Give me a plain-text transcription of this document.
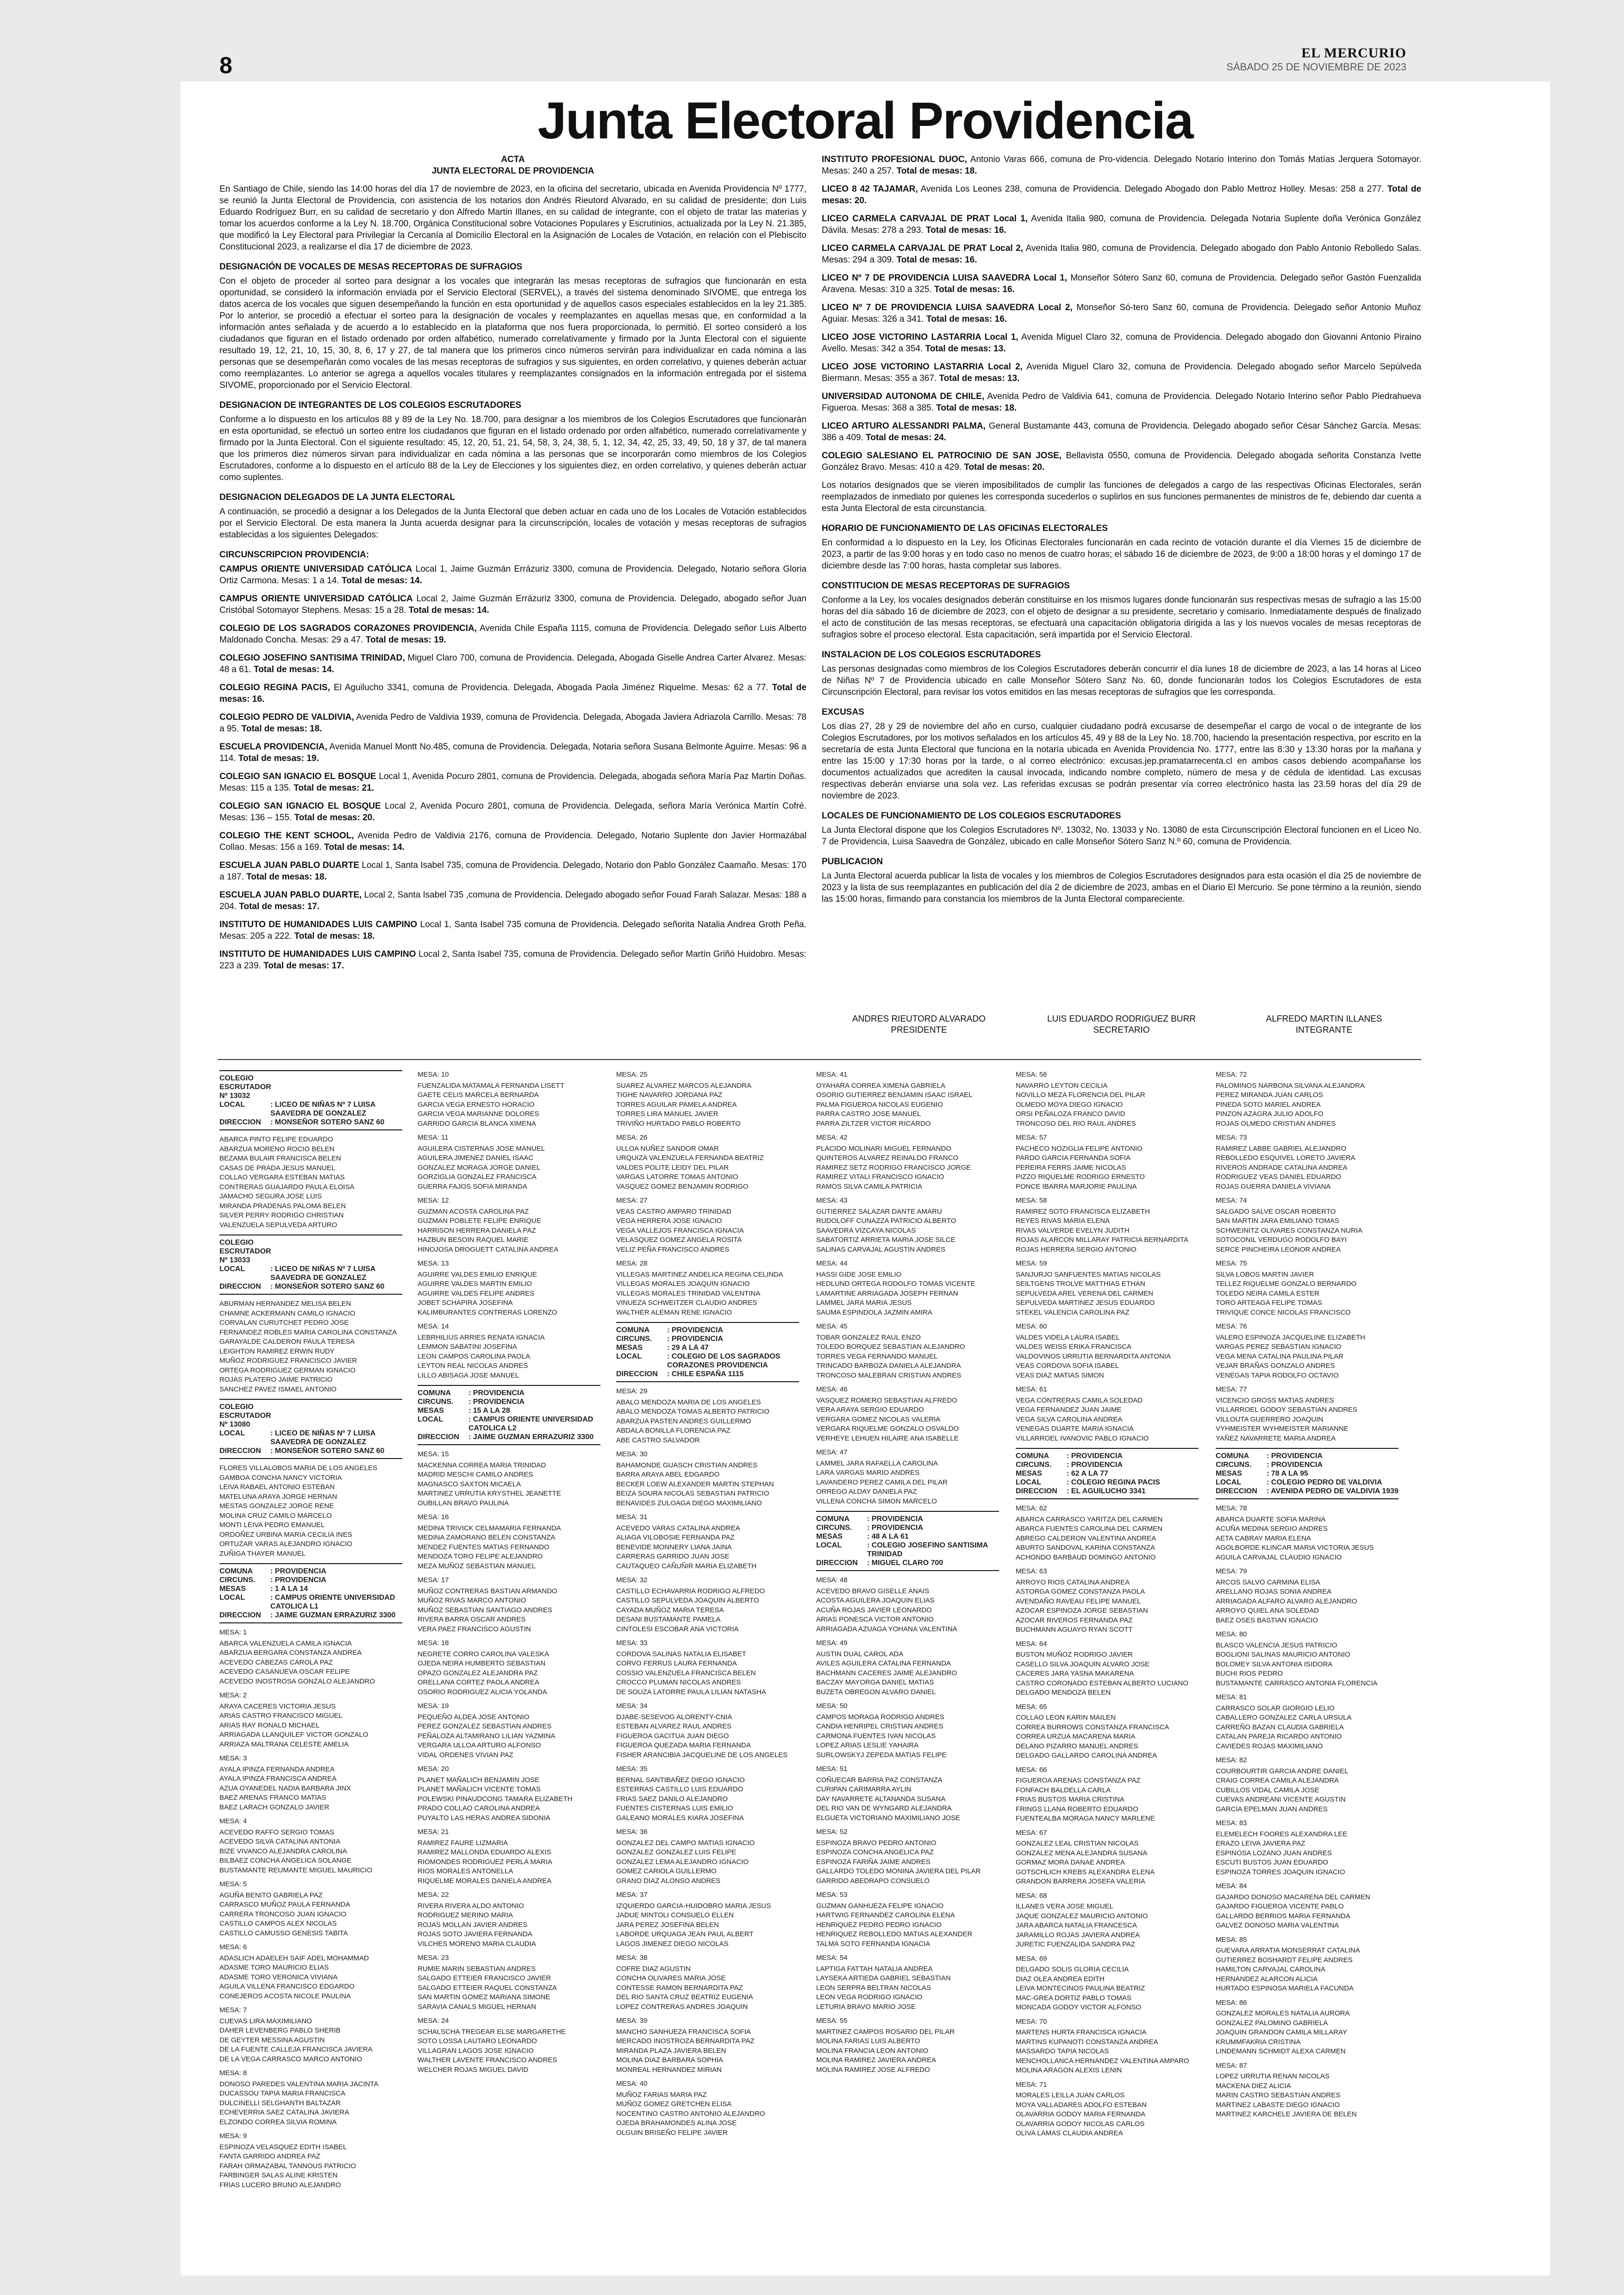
8	EL MERCURIO
SÁBADO 25 DE NOVIEMBRE DE 2023
Junta Electoral Providencia
ACTA
JUNTA ELECTORAL DE PROVIDENCIA

En Santiago de Chile, siendo las 14:00 horas del día 17 de noviembre de 2023, en la oficina del secretario, ubicada en Avenida Providencia Nº 1777, se reunió la Junta Electoral de Providencia, con asistencia de los notarios don Andrés Rieutord Alvarado, en su calidad de presidente; don Luis Eduardo Rodríguez Burr, en su calidad de secretario y don Alfredo Martin Illanes, en su calidad de integrante, con el objeto de tratar las materias y tomar los acuerdos conforme a la Ley N. 18.700, Orgánica Constitucional sobre Votaciones Populares y Escrutinios, actualizada por la Ley N. 21.385, que modificó la Ley Electoral para Privilegiar la Cercanía al Domicilio Electoral en la Asignación de Locales de Votación, en relación con el Plebiscito Constitucional 2023, a realizarse el día 17 de diciembre de 2023.

DESIGNACIÓN DE VOCALES DE MESAS RECEPTORAS DE SUFRAGIOS

Con el objeto de proceder al sorteo para designar a los vocales que integrarán las mesas receptoras de sufragios que funcionarán en esta oportunidad, se consideró la información enviada por el Servicio Electoral (SERVEL), a través del sistema denominado SIVOME, que entrega los datos acerca de los vocales que siguen desempeñando la función en esta oportunidad y de aquellos casos especiales establecidos en la ley 21.385. Por lo anterior, se procedió a efectuar el sorteo para la designación de vocales y reemplazantes en aquellas mesas que, en conformidad a la información antes señalada y de acuerdo a lo establecido en la plataforma que nos fuera proporcionada, lo permitió. El sorteo consideró a los ciudadanos que figuran en el listado ordenado por orden alfabético, numerado correlativamente y firmado por la Junta Electoral con el siguiente resultado 19, 12, 21, 10, 15, 30, 8, 6, 17 y 27, de tal manera que los primeros cinco números servirán para individualizar en cada nómina a las personas que se desempeñarán como vocales de las mesas receptoras de sufragios y sus siguientes, en orden correlativo, y quienes deberán actuar como reemplazantes. Lo anterior se agrega a aquellos vocales titulares y reemplazantes consignados en la información entregada por el sistema SIVOME, proporcionado por el Servicio Electoral.

DESIGNACION DE INTEGRANTES DE LOS COLEGIOS ESCRUTADORES

Conforme a lo dispuesto en los artículos 88 y 89 de la Ley No. 18.700, para designar a los miembros de los Colegios Escrutadores que funcionarán en esta oportunidad, se efectuó un sorteo entre los ciudadanos que figuran en el listado ordenado por orden alfabético, numerado correlativamente y firmado por la Junta Electoral. Con el siguiente resultado: 45, 12, 20, 51, 21, 54, 58, 3, 24, 38, 5, 1, 12, 34, 42, 25, 33, 49, 50, 18 y 37, de tal manera que los primeros diez números sirvan para individualizar en cada nómina a las personas que se incorporarán como miembros de los Colegios Escrutadores, conforme a lo dispuesto en el artículo 88 de la Ley de Elecciones y los siguientes diez, en orden correlativo, y quienes deberán actuar como suplentes.

DESIGNACION DELEGADOS DE LA JUNTA ELECTORAL

A continuación, se procedió a designar a los Delegados de la Junta Electoral que deben actuar en cada uno de los Locales de Votación establecidos por el Servicio Electoral. De esta manera la Junta acuerda designar para la circunscripción, locales de votación y mesas receptoras de sufragios establecidas a los siguientes Delegados:

CIRCUNSCRIPCION PROVIDENCIA:

CAMPUS ORIENTE UNIVERSIDAD CATÓLICA Local 1, Jaime Guzmán Errázuriz 3300, comuna de Providencia. Delegado, Notario señora Gloria Ortiz Carmona. Mesas: 1 a 14. Total de mesas: 14.

CAMPUS ORIENTE UNIVERSIDAD CATÓLICA Local 2, Jaime Guzmán Errázuriz 3300, comuna de Providencia. Delegado, abogado señor Juan Cristóbal Sotomayor Stephens. Mesas: 15 a 28. Total de mesas: 14.

COLEGIO DE LOS SAGRADOS CORAZONES PROVIDENCIA, Avenida Chile España 1115, comuna de Providencia. Delegado señor Luis Alberto Maldonado Concha. Mesas: 29 a 47. Total de mesas: 19.

COLEGIO JOSEFINO SANTISIMA TRINIDAD, Miguel Claro 700, comuna de Providencia. Delegada, Abogada Giselle Andrea Carter Alvarez. Mesas: 48 a 61. Total de mesas: 14.

COLEGIO REGINA PACIS, El Aguilucho 3341, comuna de Providencia. Delegada, Abogada Paola Jiménez Riquelme. Mesas: 62 a 77. Total de mesas: 16.

COLEGIO PEDRO DE VALDIVIA, Avenida Pedro de Valdivia 1939, comuna de Providencia. Delegada, Abogada Javiera Adriazola Carrillo. Mesas: 78 a 95. Total de mesas: 18.

ESCUELA PROVIDENCIA, Avenida Manuel Montt No.485, comuna de Providencia. Delegada, Notaria señora Susana Belmonte Aguirre. Mesas: 96 a 114. Total de mesas: 19.

COLEGIO SAN IGNACIO EL BOSQUE Local 1, Avenida Pocuro 2801, comuna de Providencia. Delegada, abogada señora María Paz Martin Doñas. Mesas: 115 a 135. Total de mesas: 21.

COLEGIO SAN IGNACIO EL BOSQUE Local 2, Avenida Pocuro 2801, comuna de Providencia. Delegada, señora María Verónica Martín Cofré. Mesas: 136 – 155. Total de mesas: 20.

COLEGIO THE KENT SCHOOL, Avenida Pedro de Valdivia 2176, comuna de Providencia. Delegado, Notario Suplente don Javier Hormazábal Collao. Mesas: 156 a 169. Total de mesas: 14.

ESCUELA JUAN PABLO DUARTE Local 1, Santa Isabel 735, comuna de Providencia. Delegado, Notario don Pablo González Caamaño. Mesas: 170 a 187. Total de mesas: 18.

ESCUELA JUAN PABLO DUARTE, Local 2, Santa Isabel 735 ,comuna de Providencia. Delegado abogado señor Fouad Farah Salazar. Mesas: 188 a 204. Total de mesas: 17.

INSTITUTO DE HUMANIDADES LUIS CAMPINO Local 1, Santa Isabel 735 comuna de Providencia. Delegado señorita Natalia Andrea Groth Peña. Mesas: 205 a 222. Total de mesas: 18.

INSTITUTO DE HUMANIDADES LUIS CAMPINO Local 2, Santa Isabel 735, comuna de Providencia. Delegado señor Martín Griñó Huidobro. Mesas: 223 a 239. Total de mesas: 17.

INSTITUTO PROFESIONAL DUOC, Antonio Varas 666, comuna de Pro-videncia. Delegado Notario Interino don Tomás Matías Jerquera Sotomayor. Mesas: 240 a 257. Total de mesas: 18.

LICEO 8 42 TAJAMAR, Avenida Los Leones 238, comuna de Providencia. Delegado Abogado don Pablo Mettroz Holley. Mesas: 258 a 277. Total de mesas: 20.

LICEO CARMELA CARVAJAL DE PRAT Local 1, Avenida Italia 980, comuna de Providencia. Delegada Notaria Suplente doña Verónica González Dávila. Mesas: 278 a 293. Total de mesas: 16.

LICEO CARMELA CARVAJAL DE PRAT Local 2, Avenida Italia 980, comuna de Providencia. Delegado abogado don Pablo Antonio Rebolledo Salas. Mesas: 294 a 309. Total de mesas: 16.

LICEO Nº 7 DE PROVIDENCIA LUISA SAAVEDRA Local 1, Monseñor Sótero Sanz 60, comuna de Providencia. Delegado señor Gastón Fuenzalida Aravena. Mesas: 310 a 325. Total de mesas: 16.

LICEO Nº 7 DE PROVIDENCIA LUISA SAAVEDRA Local 2, Monseñor Só-tero Sanz 60, comuna de Providencia. Delegado señor Antonio Muñoz Aguiar. Mesas: 326 a 341. Total de mesas: 16.

LICEO JOSE VICTORINO LASTARRIA Local 1, Avenida Miguel Claro 32, comuna de Providencia. Delegado abogado don Giovanni Antonio Piraino Avello. Mesas: 342 a 354. Total de mesas: 13.

LICEO JOSE VICTORINO LASTARRIA Local 2, Avenida Miguel Claro 32, comuna de Providencia. Delegado abogado señor Marcelo Sepúlveda Biermann. Mesas: 355 a 367. Total de mesas: 13.

UNIVERSIDAD AUTONOMA DE CHILE, Avenida Pedro de Valdivia 641, comuna de Providencia. Delegado Notario Interino señor Pablo Piedrahueva Figueroa. Mesas: 368 a 385. Total de mesas: 18.

LICEO ARTURO ALESSANDRI PALMA, General Bustamante 443, comuna de Providencia. Delegado abogado señor César Sánchez García. Mesas: 386 a 409. Total de mesas: 24.

COLEGIO SALESIANO EL PATROCINIO DE SAN JOSE, Bellavista 0550, comuna de Providencia. Delegado abogada señorita Constanza Ivette González Bravo. Mesas: 410 a 429. Total de mesas: 20.

Los notarios designados que se vieren imposibilitados de cumplir las funciones de delegados a cargo de las respectivas Oficinas Electorales, serán reemplazados de inmediato por quienes les corresponda sucederlos o suplirlos en sus funciones permanentes de ministros de fe, debiendo dar cuenta a esta Junta Electoral de esta circunstancia.

HORARIO DE FUNCIONAMIENTO DE LAS OFICINAS ELECTORALES

En conformidad a lo dispuesto en la Ley, los Oficinas Electorales funcionarán en cada recinto de votación durante el día Viernes 15 de diciembre de 2023, a partir de las 9:00 horas y en todo caso no menos de cuatro horas; el sábado 16 de diciembre de 2023, de 9:00 a 18:00 horas y el domingo 17 de diciembre desde las 7:00 horas, hasta completar sus labores.

CONSTITUCION DE MESAS RECEPTORAS DE SUFRAGIOS

Conforme a la Ley, los vocales designados deberán constituirse en los mismos lugares donde funcionarán sus respectivas mesas de sufragio a las 15:00 horas del día sábado 16 de diciembre de 2023, con el objeto de designar a su presidente, secretario y comisario. Inmediatamente después de finalizado el acto de constitución de las mesas receptoras, se efectuará una capacitación obligatoria dirigida a las y los nuevos vocales de mesas receptoras de sufragios sobre el proceso electoral. Esta capacitación, será impartida por el Servicio Electoral.

INSTALACION DE LOS COLEGIOS ESCRUTADORES

Las personas designadas como miembros de los Colegios Escrutadores deberán concurrir el día lunes 18 de diciembre de 2023, a las 14 horas al Liceo de Niñas Nº 7 de Providencia ubicado en calle Monseñor Sótero Sanz No. 60, donde funcionarán todos los Colegios Escrutadores de esta Circunscripción Electoral, para revisar los votos emitidos en las mesas receptoras de sufragios que les corresponda.

EXCUSAS

Los días 27, 28 y 29 de noviembre del año en curso, cualquier ciudadano podrá excusarse de desempeñar el cargo de vocal o de integrante de los Colegios Escrutadores, por los motivos señalados en los artículos 45, 49 y 88 de la Ley No. 18.700, haciendo la presentación respectiva, por escrito en la secretaría de esta Junta Electoral que funciona en la notaría ubicada en Avenida Providencia No. 1777, entre las 8:30 y 13:30 horas por la mañana y entre las 15:00 y 17:30 horas por la tarde, o al correo electrónico: excusas.jep.pramatarrecenta.cl en ambos casos debiendo acompañarse los documentos actualizados que acrediten la causal invocada, indicando nombre completo, número de mesa y de cédula de identidad. Las excusas respectivas deberán enviarse una sola vez. Las referidas excusas se podrán presentar vía correo electrónico hasta las 23.59 horas del día 29 de noviembre de 2023.

LOCALES DE FUNCIONAMIENTO DE LOS COLEGIOS ESCRUTADORES

La Junta Electoral dispone que los Colegios Escrutadores Nº. 13032, No. 13033 y No. 13080 de esta Circunscripción Electoral funcionen en el Liceo No. 7 de Providencia, Luisa Saavedra de González, ubicado en calle Monseñor Sótero Sanz N.º 60, comuna de Providencia.

PUBLICACION

La Junta Electoral acuerda publicar la lista de vocales y los miembros de Colegios Escrutadores designados para esta ocasión el día 25 de noviembre de 2023 y la lista de sus reemplazantes en publicación del día 2 de diciembre de 2023, ambas en el Diario El Mercurio. Se pone término a la reunión, siendo las 15:00 horas, firmando para constancia los miembros de la Junta Electoral compareciente.

ANDRES RIEUTORD ALVARADO
PRESIDENTE
LUIS EDUARDO RODRIGUEZ BURR
SECRETARIO
ALFREDO MARTIN ILLANES
INTEGRANTE
COLEGIO ESCRUTADOR Nº 13032
LOCAL	: LICEO DE NIÑAS Nº 7 LUISA SAAVEDRA DE GONZALEZ
DIRECCION	: MONSEÑOR SOTERO SANZ 60
ABARCA PINTO FELIPE EDUARDO
ABARZUA MORENO ROCIO BELEN
BEZAMA BULAIR FRANCISCA BELEN
CASAS DE PRADA JESUS MANUEL
COLLAO VERGARA ESTEBAN MATIAS
CONTRERAS GUAJARDO PAULA ELOISA
JAMACHO SEGURA JOSE LUIS
MIRANDA PRADENAS PALOMA BELEN
SILVER PERRY RODRIGO CHRISTIAN
VALENZUELA SEPULVEDA ARTURO
COLEGIO ESCRUTADOR Nº 13033
LOCAL	: LICEO DE NIÑAS Nº 7 LUISA SAAVEDRA DE GONZALEZ
DIRECCION	: MONSEÑOR SOTERO SANZ 60
ABURMAN HERNANDEZ MELISA BELEN
CHAMNE ACKERMANN CAMILO IGNACIO
CORVALAN CURUTCHET PEDRO JOSE
FERNANDEZ ROBLES MARIA CAROLINA CONSTANZA
GARAYALDE CALDERON PAULA TERESA
LEIGHTON RAMIREZ ERWIN RUDY
MUÑOZ RODRIGUEZ FRANCISCO JAVIER
ORTEGA RODRIGUEZ GERMAN IGNACIO
ROJAS PLATERO JAIME PATRICIO
SANCHEZ PAVEZ ISMAEL ANTONIO
COLEGIO ESCRUTADOR Nº 13080
LOCAL	: LICEO DE NIÑAS Nº 7 LUISA SAAVEDRA DE GONZALEZ
DIRECCION	: MONSEÑOR SOTERO SANZ 60
FLORES VILLALOBOS MARIA DE LOS ANGELES
GAMBOA CONCHA NANCY VICTORIA
LEIVA RABAEL ANTONIO ESTEBAN
MATELUNA ARAYA JORGE HERNAN
MESTAS GONZALEZ JORGE RENE
MOLINA CRUZ CAMILO MARCELO
MONTI LEIVA PEDRO EMANUEL
ORDOÑEZ URBINA MARIA CECILIA INES
ORTUZAR VARAS ALEJANDRO IGNACIO
ZUÑIGA THAYER MANUEL
COMUNA	: PROVIDENCIA
CIRCUNS.	: PROVIDENCIA
MESAS	: 1 A LA 14
LOCAL	: CAMPUS ORIENTE UNIVERSIDAD CATOLICA L1
DIRECCION	: JAIME GUZMAN ERRAZURIZ 3300
MESA: 1
ABARCA VALENZUELA CAMILA IGNACIA
ABARZUA BERGARA CONSTANZA ANDREA
ACEVEDO CABEZAS CAROLA PAZ
ACEVEDO CASANUEVA OSCAR FELIPE
ACEVEDO INOSTROSA GONZALO ALEJANDRO
MESA: 2
ARAYA CACERES VICTORIA JESUS
ARIAS CASTRO FRANCISCO MIGUEL
ARIAS RAY RONALD MICHAEL
ARRIAGADA LLANQUILEF VICTOR GONZALO
ARRIAZA MALTRANA CELESTE AMELIA
MESA: 3
AYALA IPINZA FERNANDA ANDREA
AYALA IPINZA FRANCISCA ANDREA
AZUA OYANEDEL NADIA BARBARA JINX
BAEZ ARENAS FRANCO MATIAS
BAEZ LARACH GONZALO JAVIER
MESA: 4
ACEVEDO RAFFO SERGIO TOMAS
ACEVEDO SILVA CATALINA ANTONIA
BIZE VIVANCO ALEJANDRA CAROLINA
BILBAEZ CONCHA ANGELICA SOLANGE
BUSTAMANTE REUMANTE MIGUEL MAURICIO
MESA: 5
AGUÑA BENITO GABRIELA PAZ
CARRASCO MUÑOZ PAULA FERNANDA
CARRERA TRONCOSO JUAN IGNACIO
CASTILLO CAMPOS ALEX NICOLAS
CASTILLO CAMUSSO GENESIS TABITA
MESA: 6
ADASLICH ADAELEH SAIF ADEL MOHAMMAD
ADASME TORO MAURICIO ELIAS
ADASME TORO VERONICA VIVIANA
AGUILA VILLENA FRANCISCO EDGARDO
CONEJEROS ACOSTA NICOLE PAULINA
MESA: 7
CUEVAS LIRA MAXIMILIANO
DAHER LEVENBERG PABLO SHERIB
DE GEYTER MESSINA AGUSTIN
DE LA FUENTE CALLEJA FRANCISCA JAVIERA
DE LA VEGA CARRASCO MARCO ANTONIO
MESA: 8
DONOSO PAREDES VALENTINA MARIA JACINTA
DUCASSOU TAPIA MARIA FRANCISCA
DULCINELLI SELGHANTH BALTAZAR
ECHEVERRIA SAEZ CATALINA JAVIERA
ELZONDO CORREA SILVIA ROMINA
MESA: 9
ESPINOZA VELASQUEZ EDITH ISABEL
FANTA GARRIDO ANDREA PAZ
FARAH ORMAZABAL TANNOUS PATRICIO
FARBINGER SALAS ALINE KRISTEN
FRIAS LUCERO BRUNO ALEJANDRO
MESA: 10
FUENZALIDA MATAMALA FERNANDA LISETT
GAETE CELIS MARCELA BERNARDA
GARCIA VEGA ERNESTO HORACIO
GARCIA VEGA MARIANNE DOLORES
GARRIDO GARCIA BLANCA XIMENA
MESA: 11
AGUILERA CISTERNAS JOSE MANUEL
AGUILERA JIMENEZ DANIEL ISAAC
GONZALEZ MORAGA JORGE DANIEL
GORZIGLIA GONZALEZ FRANCISCA
GUERRA FAJOS SOFIA MIRANDA
MESA: 12
GUZMAN ACOSTA CAROLINA PAZ
GUZMAN POBLETE FELIPE ENRIQUE
HARRISON HERRERA DANIELA PAZ
HAZBUN BESOIN RAQUEL MARIE
HINOJOSA DROGUETT CATALINA ANDREA
MESA: 13
AGUIRRE VALDES EMILIO ENRIQUE
AGUIRRE VALDES MARTIN EMILIO
AGUIRRE VALDES FELIPE ANDRES
JOBET SCHAPIRA JOSEFINA
KALIMBURANTES CONTRERAS LORENZO
MESA: 14
LEBRHILIUS ARRIES RENATA IGNACIA
LEMMON SABATINI JOSEFINA
LEON CAMPOS CAROLINA PAOLA
LEYTON REAL NICOLAS ANDRES
LILLO ABISAGA JOSE MANUEL
COMUNA	: PROVIDENCIA
CIRCUNS.	: PROVIDENCIA
MESAS	: 15 A LA 28
LOCAL	: CAMPUS ORIENTE UNIVERSIDAD CATOLICA L2
DIRECCION	: JAIME GUZMAN ERRAZURIZ 3300
MESA: 15
MACKENNA CORREA MARIA TRINIDAD
MADRID MESCHI CAMILO ANDRES
MAGNASCO SAXTON MICAELA
MARTINEZ URRUTIA KRYSTHEL JEANETTE
OUBILLAN BRAVO PAULINA
MESA: 16
MEDINA TRIVICK CELMAMARIA FERNANDA
MEDINA ZAMORANO BELEN CONSTANZA
MENDEZ FUENTES MATIAS FERNANDO
MENDOZA TORO FELIPE ALEJANDRO
MEZA MUÑOZ SEBASTIAN MANUEL
MESA: 17
MUÑOZ CONTRERAS BASTIAN ARMANDO
MUÑOZ RIVAS MARCO ANTONIO
MUÑOZ SEBASTIAN SANTIAGO ANDRES
RIVERA BARRA OSCAR ANDRES
VERA PAEZ FRANCISCO AGUSTIN
MESA: 18
NEGRETE CORRO CAROLINA VALESKA
OJEDA NEIRA HUMBERTO SEBASTIAN
OPAZO GONZALEZ ALEJANDRA PAZ
ORELLANA CORTEZ PAOLA ANDREA
OSORIO RODRIGUEZ ALICIA YOLANDA
MESA: 19
PEQUEÑO ALDEA JOSE ANTONIO
PEREZ GONZALEZ SEBASTIAN ANDRES
PEÑALOZA ALTAMIRANO LILIAN YAZMINA
VERGARA ULLOA ARTURO ALFONSO
VIDAL ORDENES VIVIAN PAZ
MESA: 20
PLANET MAÑALICH BENJAMIN JOSE
PLANET MAÑALICH VICENTE TOMAS
POLEWSKI PINAUDCONG TAMARA ELIZABETH
PRADO COLLAO CAROLINA ANDREA
PUYALTO LAS HERAS ANDREA SIDONIA
MESA: 21
RAMIREZ FAURE LIZMARIA
RAMIREZ MALLONDA EDUARDO ALEXIS
RIOMONDES RODRIGUEZ PERLA MARIA
RIOS MORALES ANTONELLA
RIQUELME MORALES DANIELA ANDREA
MESA: 22
RIVERA RIVERA ALDO ANTONIO
RODRIGUEZ MERINO MARIA
ROJAS MOLLAN JAVIER ANDRES
ROJAS SOTO JAVIERA FERNANDA
VILCHES MORENO MARIA CLAUDIA
MESA: 23
RUMIE MARIN SEBASTIAN ANDRES
SALGADO ETTEIER FRANCISCO JAVIER
SALGADO ETTEIER RAQUEL CONSTANZA
SAN MARTIN GOMEZ MARIANA SIMONE
SARAVIA CANALS MIGUEL HERNAN
MESA: 24
SCHALSCHA TREGEAR ELSE MARGARETHE
SOTO LOSSA LAUTARO LEONARDO
VILLAGRAN LAGOS JOSE IGNACIO
WALTHER LAVENTE FRANCISCO ANDRES
WELCHER ROJAS MIGUEL DAVID
MESA: 25
SUAREZ ALVAREZ MARCOS ALEJANDRA
TIGHE NAVARRO JORDANA PAZ
TORRES AGUILAR PAMELA ANDREA
TORRES LIRA MANUEL JAVIER
TRIVIÑO HURTADO PABLO ROBERTO
MESA: 26
ULLOA NUÑEZ SANDOR OMAR
URQUIZA VALENZUELA FERNANDA BEATRIZ
VALDES POLITE LEIDY DEL PILAR
VARGAS LATORRE TOMAS ANTONIO
VASQUEZ GOMEZ BENJAMIN RODRIGO
MESA: 27
VEAS CASTRO AMPARO TRINIDAD
VEGA HERRERA JOSE IGNACIO
VEGA VALLEJOS FRANCISCA IGNACIA
VELASQUEZ GOMEZ ANGELA ROSITA
VELIZ PEÑA FRANCISCO ANDRES
MESA: 28
VILLEGAS MARTINEZ ANDELICA REGINA CELINDA
VILLEGAS MORALES JOAQUIN IGNACIO
VILLEGAS MORALES TRINIDAD VALENTINA
VINUEZA SCHWEITZER CLAUDIO ANDRES
WALTHER ALEMAN RENE IGNACIO
COMUNA	: PROVIDENCIA
CIRCUNS.	: PROVIDENCIA
MESAS	: 29 A LA 47
LOCAL	: COLEGIO DE LOS SAGRADOS CORAZONES PROVIDENCIA
DIRECCION	: CHILE ESPAÑA 1115
MESA: 29
ABALO MENDOZA MARIA DE LOS ANGELES
ABALO MENDOZA TOMAS ALBERTO PATRICIO
ABARZUA PASTEN ANDRES GUILLERMO
ABDALA BONILLA FLORENCIA PAZ
ABE CASTRO SALVADOR
MESA: 30
BAHAMONDE GUASCH CRISTIAN ANDRES
BARRA ARAYA ABEL EDGARDO
BECKER LOEW ALEXANDER MARTIN STEPHAN
BEIZA SOURA NICOLAS SEBASTIAN PATRICIO
BENAVIDES ZULOAGA DIEGO MAXIMILIANO
MESA: 31
ACEVEDO VARAS CATALINA ANDREA
ALIAGA VILOBOSIE FERNANDA PAZ
BENEVIDE MONNERY LIANA JAINA
CARRERAS GARRIDO JUAN JOSE
CAUTAQUEO CAÑUÑIR MARIA ELIZABETH
MESA: 32
CASTILLO ECHAVARRIA RODRIGO ALFREDO
CASTILLO SEPULVEDA JOAQUIN ALBERTO
CAYADA MUÑOZ MARIA TERESA
DESANI BUSTAMANTE PAMELA
CINTOLESI ESCOBAR ANA VICTORIA
MESA: 33
CORDOVA SALINAS NATALIA ELISABET
CORVO FERRUS LAURA FERNANDA
COSSIO VALENZUELA FRANCISCA BELEN
CROCCO PLUMAN NICOLAS ANDRES
DE SOUZA LATORRE PAULA LILIAN NATASHA
MESA: 34
DJABE-SESEVOG ALORENTY-CNIA
ESTEBAN ALVAREZ RAUL ANDRES
FIGUEROA GACITUA JUAN DIEGO
FIGUEROA QUEZADA MARIA FERNANDA
FISHER ARANCIBIA JACQUELINE DE LOS ANGELES
MESA: 35
BERNAL SANTIBAÑEZ DIEGO IGNACIO
ESTERRAS CASTILLO LUIS EDUARDO
FRIAS SAEZ DANILO ALEJANDRO
FUENTES CISTERNAS LUIS EMILIO
GALEANO MORALES KIARA JOSEFINA
MESA: 36
GONZALEZ DEL CAMPO MATIAS IGNACIO
GONZALEZ GONZALEZ LUIS FELIPE
GONZALEZ LEMA ALEJANDRO IGNACIO
GOMEZ CARIOLA GUILLERMO
GRANO DIAZ ALONSO ANDRES
MESA: 37
IZQUIERDO GARCIA-HUIDOBRO MARIA JESUS
JADUE MINTOLI CONSUELO ELLEN
JARA PEREZ JOSEFINA BELEN
LABORDE URQUAGA JEAN PAUL ALBERT
LAGOS JIMENEZ DIEGO NICOLAS
MESA: 38
COFRE DIAZ AGUSTIN
CONCHA OLIVARES MARIA JOSE
CONTESSE RAMON BERNARDITA PAZ
DEL RIO SANTA CRUZ BEATRIZ EUGENIA
LOPEZ CONTRERAS ANDRES JOAQUIN
MESA: 39
MANCHO SANHUEZA FRANCISCA SOFIA
MERCADO INOSTROZA BERNARDITA PAZ
MIRANDA PLAZA JAVIERA BELEN
MOLINA DIAZ BARBARA SOPHIA
MONREAL HERNANDEZ MIRIAN
MESA: 40
MUÑOZ FARIAS MARIA PAZ
MUÑOZ GOMEZ GRETCHEN ELISA
NOCENTINO CASTRO ANTONIO ALEJANDRO
OJEDA BRAHAMONDES ALINA JOSE
OLGUIN BRISEÑO FELIPE JAVIER
MESA: 41
OYAHARA CORREA XIMENA GABRIELA
OSORIO GUTIERREZ BENJAMIN ISAAC ISRAEL
PALMA FIGUEROA NICOLAS EUGENIO
PARRA CASTRO JOSE MANUEL
PARRA ZILTZER VICTOR RICARDO
MESA: 42
PLACIDO MOLINARI MIGUEL FERNANDO
QUINTEROS ALVAREZ REINALDO FRANCO
RAMIREZ SETZ RODRIGO FRANCISCO JORGE
RAMIREZ VITALI FRANCISCO IGNACIO
RAMOS SILVA CAMILA PATRICIA
MESA: 43
GUTIERREZ SALAZAR DANTE AMARU
RUDOLOFF CUNAZZA PATRICIO ALBERTO
SAAVEDRA VIZCAYA NICOLAS
SABATORTIZ ARRIETA MARIA JOSE SILCE
SALINAS CARVAJAL AGUSTIN ANDRES
MESA: 44
HASSI GIDE JOSE EMILIO
HEDLUND ORTEGA RODOLFO TOMAS VICENTE
LAMARTINE ARRIAGADA JOSEPH FERNAN
LAMMEL JARA MARIA JESUS
SAUMA ESPINDOLA JAZMIN AMIRA
MESA: 45
TOBAR GONZALEZ RAUL ENZO
TOLEDO BORQUEZ SEBASTIAN ALEJANDRO
TORRES VEGA FERNANDO MANUEL
TRINCADO BARBOZA DANIELA ALEJANDRA
TRONCOSO MALEBRAN CRISTIAN ANDRES
MESA: 46
VASQUEZ ROMERO SEBASTIAN ALFREDO
VERA ARAYA SERGIO EDUARDO
VERGARA GOMEZ NICOLAS VALERIA
VERGARA RIQUELME GONZALO OSVALDO
VERHEYE LEHUEN HILAIRE ANA ISABELLE
MESA: 47
LAMMEL JARA RAFAELLA CAROLINA
LARA VARGAS MARIO ANDRES
LAVANDERO PEREZ CAMILA DEL PILAR
ORREGO ALDAY DANIELA PAZ
VILLENA CONCHA SIMON MARCELO
COMUNA	: PROVIDENCIA
CIRCUNS.	: PROVIDENCIA
MESAS	: 48 A LA 61
LOCAL	: COLEGIO JOSEFINO SANTISIMA TRINIDAD
DIRECCION	: MIGUEL CLARO 700
MESA: 48
ACEVEDO BRAVO GISELLE ANAIS
ACOSTA AGUILERA JOAQUIN ELIAS
ACUÑA ROJAS JAVIER LEONARDO
ARIAS PONESCA VICTOR ANTONIO
ARRIAGADA AZUAGA YOHANA VALENTINA
MESA: 49
AUSTIN DUAL CAROL ADA
AVILES AGUILERA CATALINA FERNANDA
BACHMANN CACERES JAIME ALEJANDRO
BACZAY MAYORGA DANIEL MATIAS
BUZETA OBREGON ALVARO DANIEL
MESA: 50
CAMPOS MORAGA RODRIGO ANDRES
CANDIA HENRIPEL CRISTIAN ANDRES
CARMONA FUENTES IVAN NICOLAS
LOPEZ ARIAS LESLIE YAHAIRA
SURLOWSKYJ ZEPEDA MATIAS FELIPE
MESA: 51
COÑUECAR BARRIA PAZ CONSTANZA
CURIPAN CARIMARRA AYLIN
DAY NAVARRETE ALTANANDA SUSANA
DEL RIO VAN DE WYNGARD ALEJANDRA
ELGUETA VICTORIANO MAXIMILIANO JOSE
MESA: 52
ESPINOZA BRAVO PEDRO ANTONIO
ESPINOZA CONCHA ANGELICA PAZ
ESPINOZA FARIÑA JAIME ANDRES
GALLARDO TOLEDO MONINA JAVIERA DEL PILAR
GARRIDO ABEDRAPO CONSUELO
MESA: 53
GUZMAN GANHUEZA FELIPE IGNACIO
HARTWIG FERNANDEZ CAROLINA ELENA
HENRIQUEZ PEDRO PEDRO IGNACIO
HENRIQUEZ REBOLLEDO MATIAS ALEXANDER
TALMA SOTO FERNANDA IGNACIA
MESA: 54
LAPTIGA FATTAH NATALIA ANDREA
LAYSEKA ARTIEDA GABRIEL SEBASTIAN
LEON SERPRA BELTRAN NICOLAS
LEON VEGA RODRIGO IGNACIO
LETURIA BRAVO MARIO JOSE
MESA: 55
MARTINEZ CAMPOS ROSARIO DEL PILAR
MOLINA FARIAS LUIS ALBERTO
MOLINA FRANCIA LEON ANTONIO
MOLINA RAMIREZ JAVIERA ANDREA
MOLINA RAMIREZ JOSE ALFREDO
MESA: 56
NAVARRO LEYTON CECILIA
NOVILLO MEZA FLORENCIA DEL PILAR
OLMEDO MOYA DIEGO IGNACIO
ORSI PEÑALOZA FRANCO DAVID
TRONCOSO DEL RIO RAUL ANDRES
MESA: 57
PACHECO NOZIGLIA FELIPE ANTONIO
PARDO GARCIA FERNANDA SOFIA
PEREIRA FERRS JAIME NICOLAS
PIZZO RIQUELME RODRIGO ERNESTO
PONCE IBARRA MARJORIE PAULINA
MESA: 58
RAMIREZ SOTO FRANCISCA ELIZABETH
REYES RIVAS MARIA ELENA
RIVAS VALVERDE EVELYN JUDITH
ROJAS ALARCON MILLARAY PATRICIA BERNARDITA
ROJAS HERRERA SERGIO ANTONIO
MESA: 59
SANJURJO SANFUENTES MATIAS NICOLAS
SEILTGENS TROLVE MATTHIAS ETHAN
SEPULVEDA AREL VERENA DEL CARMEN
SEPULVEDA MARTINEZ JESUS EDUARDO
STEKEL VALENCIA CAROLINA PAZ
MESA: 60
VALDES VIDELA LAURA ISABEL
VALDES WEISS ERIKA FRANCISCA
VALDOVINOS URRUTIA BERNARDITA ANTONIA
VEAS CORDOVA SOFIA ISABEL
VEAS DIAZ MATIAS SIMON
MESA: 61
VEGA CONTRERAS CAMILA SOLEDAD
VEGA FERNANDEZ JUAN JAIME
VEGA SILVA CAROLINA ANDREA
VENEGAS DUARTE MARIA IGNACIA
VILLARROEL IVANOVIC PABLO IGNACIO
COMUNA	: PROVIDENCIA
CIRCUNS.	: PROVIDENCIA
MESAS	: 62 A LA 77
LOCAL	: COLEGIO REGINA PACIS
DIRECCION	: EL AGUILUCHO 3341
MESA: 62
ABARCA CARRASCO YARITZA DEL CARMEN
ABARCA FUENTES CAROLINA DEL CARMEN
ABREGO CALDERON VALENTINA ANDREA
ABURTO SANDOVAL KARINA CONSTANZA
ACHONDO BARBAUD DOMINGO ANTONIO
MESA: 63
ARROYO RIOS CATALINA ANDREA
ASTORGA GOMEZ CONSTANZA PAOLA
AVENDAÑO RAVEAU FELIPE MANUEL
AZOCAR ESPINOZA JORGE SEBASTIAN
AZOCAR RIVEROS FERNANDA PAZ
BUCHMANN AGUAYO RYAN SCOTT
MESA: 64
BUSTON MUÑOZ RODRIGO JAVIER
CASELLO SILVA JOAQUIN ALVARO JOSE
CACERES JARA YASNA MAKARENA
CASTRO CORONADO ESTEBAN ALBERTO LUCIANO
DELGADO MENDOZA BELEN
MESA: 65
COLLAO LEON KARIN MAILEN
CORREA BURROWS CONSTANZA FRANCISCA
CORREA URZUA MACARENA MARIA
DELANO PIZARRO MANUEL ANDRES
DELGADO GALLARDO CAROLINA ANDREA
MESA: 66
FIGUEROA ARENAS CONSTANZA PAZ
FONFACH BALDELLA CARLA
FRIAS BUSTOS MARIA CRISTINA
FRINGS LLANA ROBERTO EDUARDO
FUENTEALBA MORAGA NANCY MARLENE
MESA: 67
GONZALEZ LEAL CRISTIAN NICOLAS
GONZALEZ MENA ALEJANDRA SUSANA
GORMAZ MORA DANAE ANDREA
GOTSCHLICH KREBS ALEXANDRA ELENA
GRANDON BARRERA JOSEFA VALERIA
MESA: 68
ILLANES VERA JOSE MIGUEL
JAQUE GONZALEZ MAURICIO ANTONIO
JARA ABARCA NATALIA FRANCESCA
JARAMILLO ROJAS JAVIERA ANDREA
JURETIC FUENZALIDA SANDRA PAZ
MESA: 69
DELGADO SOLIS GLORIA CECILIA
DIAZ OLEA ANDREA EDITH
LEIVA MONTECINOS PAULINA BEATRIZ
MAC-GREA DORTIZ PABLO TOMAS
MONCADA GODOY VICTOR ALFONSO
MESA: 70
MARTENS HURTA FRANCISCA IGNACIA
MARTINS KUPANOTI CONSTANZA ANDREA
MASSARDO TAPIA NICOLAS
MENCHOLLANCA HERNANDEZ VALENTINA AMPARO
MOLINA ARAGON ALEXIS LENIN
MESA: 71
MORALES LEILLA JUAN CARLOS
MOYA VALLADARES ADOLFO ESTEBAN
OLAVARRIA GODOY MARIA FERNANDA
OLAVARRIA GODOY NICOLAS CARLOS
OLIVA LAMAS CLAUDIA ANDREA
MESA: 72
PALOMINOS NARBONA SILVANA ALEJANDRA
PEREZ MIRANDA JUAN CARLOS
PINEDA SOTO MARIEL ANDREA
PINZON AZAGRA JULIO ADOLFO
ROJAS OLMEDO CRISTIAN ANDRES
MESA: 73
RAMIREZ LABBE GABRIEL ALEJANDRO
REBOLLEDO ESQUIVEL LORETO JAVIERA
RIVEROS ANDRADE CATALINA ANDREA
RODRIGUEZ VEAS DANIEL EDUARDO
ROJAS GUERRA DANIELA VIVIANA
MESA: 74
SALGADO SALVE OSCAR ROBERTO
SAN MARTIN JARA EMILIANO TOMAS
SCHWEINITZ OLIVARES CONSTANZA NURIA
SOTOCONIL VERDUGO RODOLFO BAYI
SERCE PINCHEIRA LEONOR ANDREA
MESA: 75
SILVA LOBOS MARTIN JAVIER
TELLEZ RIQUELME GONZALO BERNARDO
TOLEDO NEIRA CAMILA ESTER
TORO ARTEAGA FELIPE TOMAS
TRIVIQUE CONCE NICOLAS FRANCISCO
MESA: 76
VALERO ESPINOZA JACQUELINE ELIZABETH
VARGAS PEREZ SEBASTIAN IGNACIO
VEGA MENA CATALINA PAULINA PILAR
VEJAR BRAÑAS GONZALO ANDRES
VENEGAS TAPIA RODOLFO OCTAVIO
MESA: 77
VICENCIO GROSS MATIAS ANDRES
VILLARROEL GODOY SEBASTIAN ANDRES
VILLOUTA GUERRERO JOAQUIN
VYHMEISTER WYHMEISTER MARIANNE
YAÑEZ NAVARRETE MARIA ANDREA
COMUNA	: PROVIDENCIA
CIRCUNS.	: PROVIDENCIA
MESAS	: 78 A LA 95
LOCAL	: COLEGIO PEDRO DE VALDIVIA
DIRECCION	: AVENIDA PEDRO DE VALDIVIA 1939
MESA: 78
ABARCA DUARTE SOFIA MARINA
ACUÑA MEDINA SERGIO ANDRES
AETA CABRAY MARIA ELENA
AGOLBORDE KLINCAR MARIA VICTORIA JESUS
AGUILA CARVAJAL CLAUDIO IGNACIO
MESA: 79
ARCOS SALVO CARMINA ELISA
ARELLANO ROJAS SONIA ANDREA
ARRIAGADA ALFARO ALVARO ALEJANDRO
ARROYO QUIEL ANA SOLEDAD
BAEZ OSES BASTIAN IGNACIO
MESA: 80
BLASCO VALENCIA JESUS PATRICIO
BOGLIONI SALINAS MAURICIO ANTONIO
BOLOMEY SILVA ANTONIA ISIDORA
BUCHI RIOS PEDRO
BUSTAMANTE CARRASCO ANTONIA FLORENCIA
MESA: 81
CARRASCO SOLAR GIORGIO LELIO
CABALLERO GONZALEZ CARLA URSULA
CARREÑO BAZAN CLAUDIA GABRIELA
CATALAN PAREJA RICARDO ANTONIO
CAVIEDES ROJAS MAXIMILIANO
MESA: 82
COURBOURTIR GARCIA ANDRE DANIEL
CRAIG CORREA CAMILA ALEJANDRA
CUBILLOS VIDAL CAMILA JOSE
CUEVAS ANDREANI VICENTE AGUSTIN
GARCIA EPELMAN JUAN ANDRES
MESA: 83
ELEMELECH FOORES ALEXANDRA LEE
ERAZO LEIVA JAVIERA PAZ
ESPINOSA LOZANO JUAN ANDRES
ESCUTI BUSTOS JUAN EDUARDO
ESPINOZA TORRES JOAQUIN IGNACIO
MESA: 84
GAJARDO DONOSO MACARENA DEL CARMEN
GAJARDO FIGUEROA VICENTE PABLO
GALLARDO BERRIOS MARIA FERNANDA
GALVEZ DONOSO MARIA VALENTINA
MESA: 85
GUEVARA ARRATIA MONSERRAT CATALINA
GUTIERREZ BOSHARDT FELIPE ANDRES
HAMILTON CARVAJAL CAROLINA
HERNANDEZ ALARCON ALICIA
HURTADO ESPINOSA MARIELA FACUNDA
MESA: 86
GONZALEZ MORALES NATALIA AURORA
GONZALEZ PALOMINO GABRIELA
JOAQUIN GRANDON CAMILA MILLARAY
KRUMMFAKRIA CRISTINA
LINDEMANN SCHMIDT ALEXA CARMEN
MESA: 87
LOPEZ URRUTIA RENAN NICOLAS
MACKENA DIEZ ALICIA
MARIN CASTRO SEBASTIAN ANDRES
MARTINEZ LABASTE DIEGO IGNACIO
MARTINEZ KARCHELE JAVIERA DE BELEN
